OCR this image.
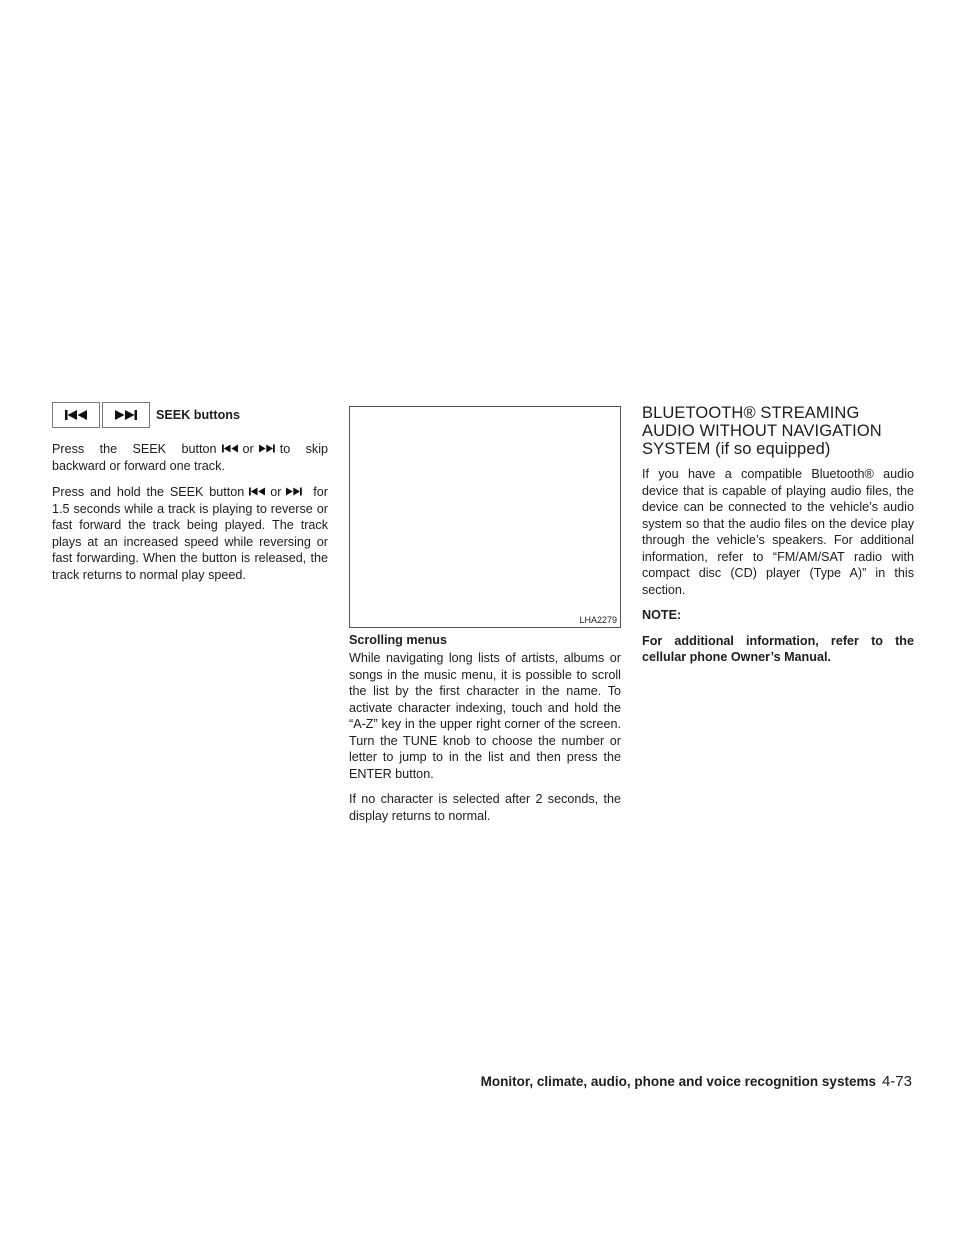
SEEK buttons

Press the SEEK button or to skip backward or forward one track.

Press and hold the SEEK button or	for 1.5 seconds while a track is playing to reverse or fast forward the track being played. The track plays at an increased speed while reversing or fast forwarding. When the button is released, the track returns to normal play speed.

LHA2279
Scrolling menus

While navigating long lists of artists, albums or songs in the music menu, it is possible to scroll the list by the first character in the name. To activate character indexing, touch and hold the “A-Z” key in the upper right corner of the screen. Turn the TUNE knob to choose the number or letter to jump to in the list and then press the ENTER button.

If no character is selected after 2 seconds, the display returns to normal.

BLUETOOTH® STREAMING AUDIO WITHOUT NAVIGATION SYSTEM (if so equipped)

If you have a compatible Bluetooth® audio device that is capable of playing audio files, the device can be connected to the vehicle’s audio system so that the audio files on the device play through the vehicle’s speakers. For additional information, refer to “FM/AM/SAT radio with compact disc (CD) player (Type A)” in this section.

NOTE:

For additional information, refer to the cellular phone Owner’s Manual.

Monitor, climate, audio, phone and voice recognition systems 4-73
